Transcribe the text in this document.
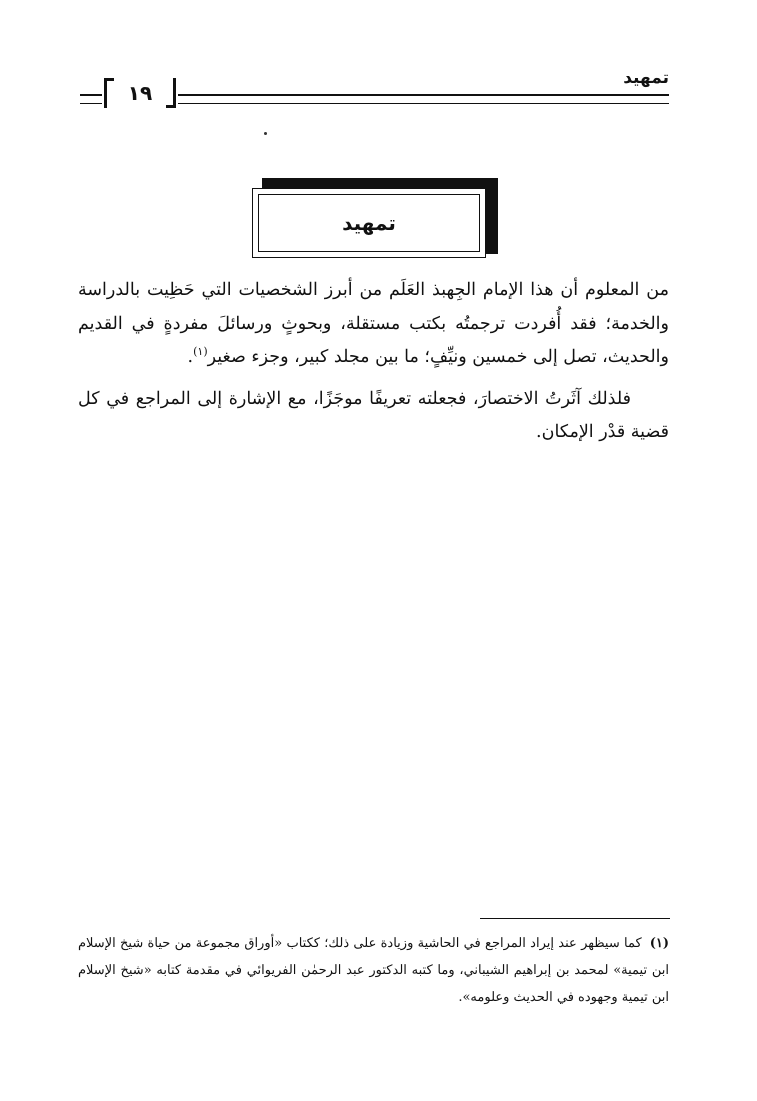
تمهيد
١٩
تمهيد

من المعلوم أن هذا الإمام الجِهبذ العَلَم من أبرز الشخصيات التي حَظِيت بالدراسة والخدمة؛ فقد أُفردت ترجمتُه بكتب مستقلة، وبحوثٍ ورسائلَ مفردةٍ في القديم والحديث، تصل إلى خمسين ونيِّفٍ؛ ما بين مجلد كبير، وجزء صغير$^{(١)}$.

فلذلك آثَرتُ الاختصارَ، فجعلته تعريفًا موجَزًا، مع الإشارة إلى المراجع في كل قضية قدْر الإمكان.

(١)كما سيظهر عند إيراد المراجع في الحاشية وزيادة على ذلك؛ ككتاب «أوراق مجموعة من حياة شيخ الإسلام ابن تيمية» لمحمد بن إبراهيم الشيباني، وما كتبه الدكتور عبد الرحمٰن الفريوائي في مقدمة كتابه «شيخ الإسلام ابن تيمية وجهوده في الحديث وعلومه».
